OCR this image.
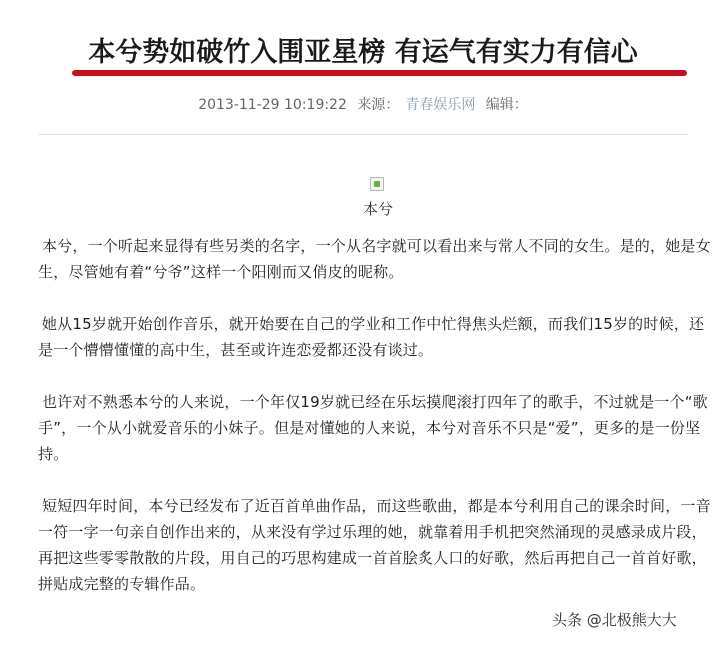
本兮势如破竹入围亚星榜 有运气有实力有信心
2013-11-29 10:19:22 来源： 青春娱乐网 编辑：
本兮

本兮，一个听起来显得有些另类的名字，一个从名字就可以看出来与常人不同的女生。是的，她是女生，尽管她有着“兮爷”这样一个阳刚而又俏皮的昵称。

她从15岁就开始创作音乐，就开始要在自己的学业和工作中忙得焦头烂额，而我们15岁的时候，还是一个懵懵懂懂的高中生，甚至或许连恋爱都还没有谈过。

也许对不熟悉本兮的人来说，一个年仅19岁就已经在乐坛摸爬滚打四年了的歌手，不过就是一个“歌手”，一个从小就爱音乐的小妹子。但是对懂她的人来说，本兮对音乐不只是“爱”，更多的是一份坚持。

短短四年时间，本兮已经发布了近百首单曲作品，而这些歌曲，都是本兮利用自己的课余时间，一音一符一字一句亲自创作出来的，从来没有学过乐理的她，就靠着用手机把突然涌现的灵感录成片段，再把这些零零散散的片段，用自己的巧思构建成一首首脍炙人口的好歌，然后再把自己一首首好歌，拼贴成完整的专辑作品。

头条 @北极熊大大
